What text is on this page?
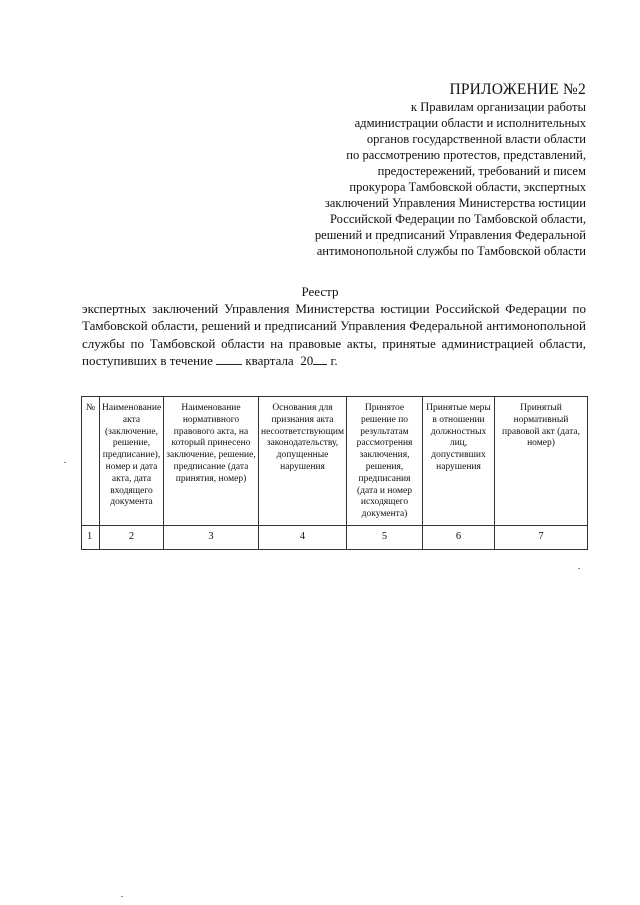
ПРИЛОЖЕНИЕ №2
к Правилам организации работы
администрации области и исполнительных
органов государственной власти области
по рассмотрению протестов, представлений,
предостережений, требований и писем
прокурора Тамбовской области, экспертных
заключений Управления Министерства юстиции
Российской Федерации по Тамбовской области,
решений и предписаний Управления Федеральной
антимонопольной службы по Тамбовской области
Реестр
экспертных заключений Управления Министерства юстиции Российской Федерации по
Тамбовской области, решений и предписаний Управления Федеральной антимонопольной
службы по Тамбовской области на правовые акты, принятые администрацией области,
поступивших в течение	квартала 20 г.
№	Наименование акта (заключение, решение, предписание), номер и дата акта, дата входящего документа	Наименование нормативного правового акта, на который принесено заключение, решение, предписание (дата принятия, номер)	Основания для признания акта несоответствующим законодательству, допущенные нарушения	Принятое решение по результатам рассмотрения заключения, решения, предписания (дата и номер исходящего документа)	Принятые меры в отношении должностных лиц, допустивших нарушения	Принятый нормативный правовой акт (дата, номер)
1	2	3	4	5	6	7
